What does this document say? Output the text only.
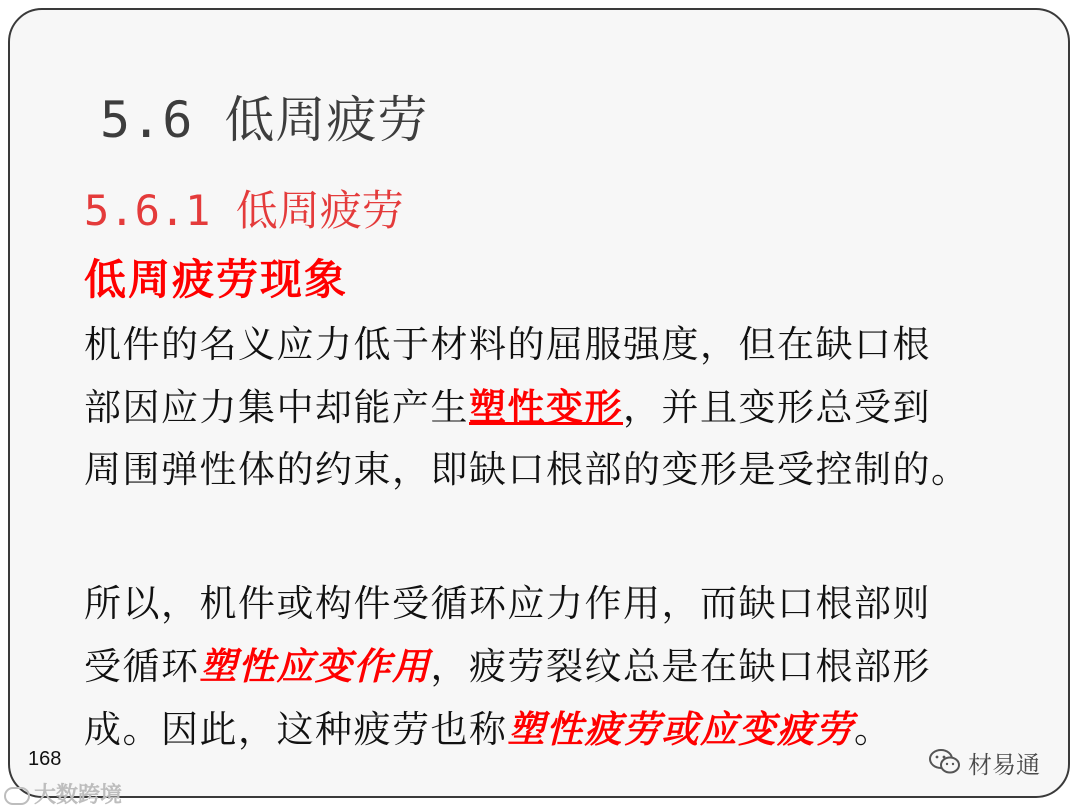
5.6 低周疲劳
5.6.1 低周疲劳
低周疲劳现象
机件的名义应力低于材料的屈服强度，但在缺口根
部因应力集中却能产生塑性变形，并且变形总受到
周围弹性体的约束，即缺口根部的变形是受控制的。
所以，机件或构件受循环应力作用，而缺口根部则
受循环塑性应变作用，疲劳裂纹总是在缺口根部形
成。因此，这种疲劳也称塑性疲劳或应变疲劳。
168
大数跨境
材易通
